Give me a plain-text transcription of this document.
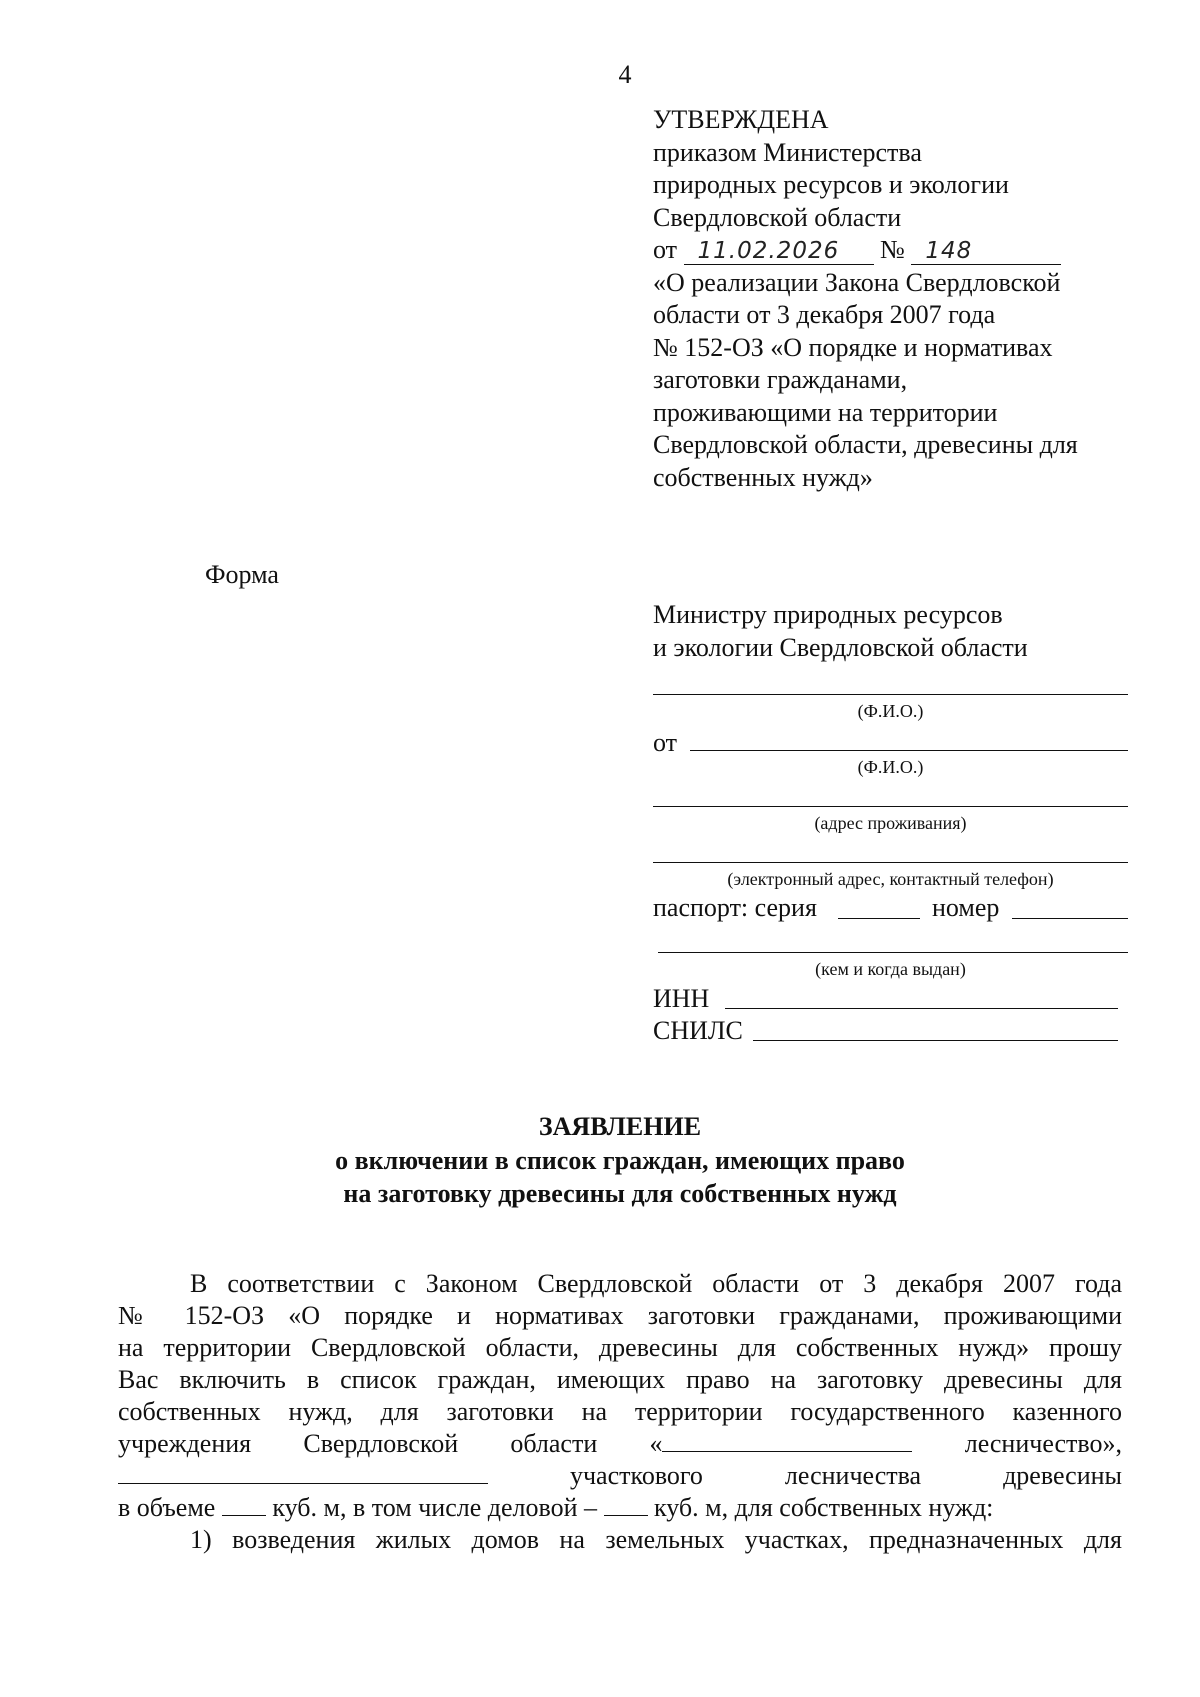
4
УТВЕРЖДЕНА
приказом Министерства
природных ресурсов и экологии
Свердловской области
от 11.02.2026 № 148
«О реализации Закона Свердловской
области от 3 декабря 2007 года
№ 152-ОЗ «О порядке и нормативах
заготовки гражданами,
проживающими на территории
Свердловской области, древесины для
собственных нужд»
Форма
Министру природных ресурсов
и экологии Свердловской области
(Ф.И.О.)
от
(Ф.И.О.)
(адрес проживания)
(электронный адрес, контактный телефон)
паспорт: серия	номер
(кем и когда выдан)
ИНН
СНИЛС
ЗАЯВЛЕНИЕ
о включении в список граждан, имеющих право
на заготовку древесины для собственных нужд
В соответствии с Законом Свердловской области от 3 декабря 2007 года
№ 152-ОЗ «О порядке и нормативах заготовки гражданами, проживающими
на территории Свердловской области, древесины для собственных нужд» прошу
Вас включить в список граждан, имеющих право на заготовку древесины для
собственных нужд, для заготовки на территории государственного казенного
учреждения Свердловской области «	лесничество»,
участкового	лесничества	древесины
в объеме куб. м, в том числе деловой – куб. м, для собственных нужд:
1) возведения жилых домов на земельных участках, предназначенных для
